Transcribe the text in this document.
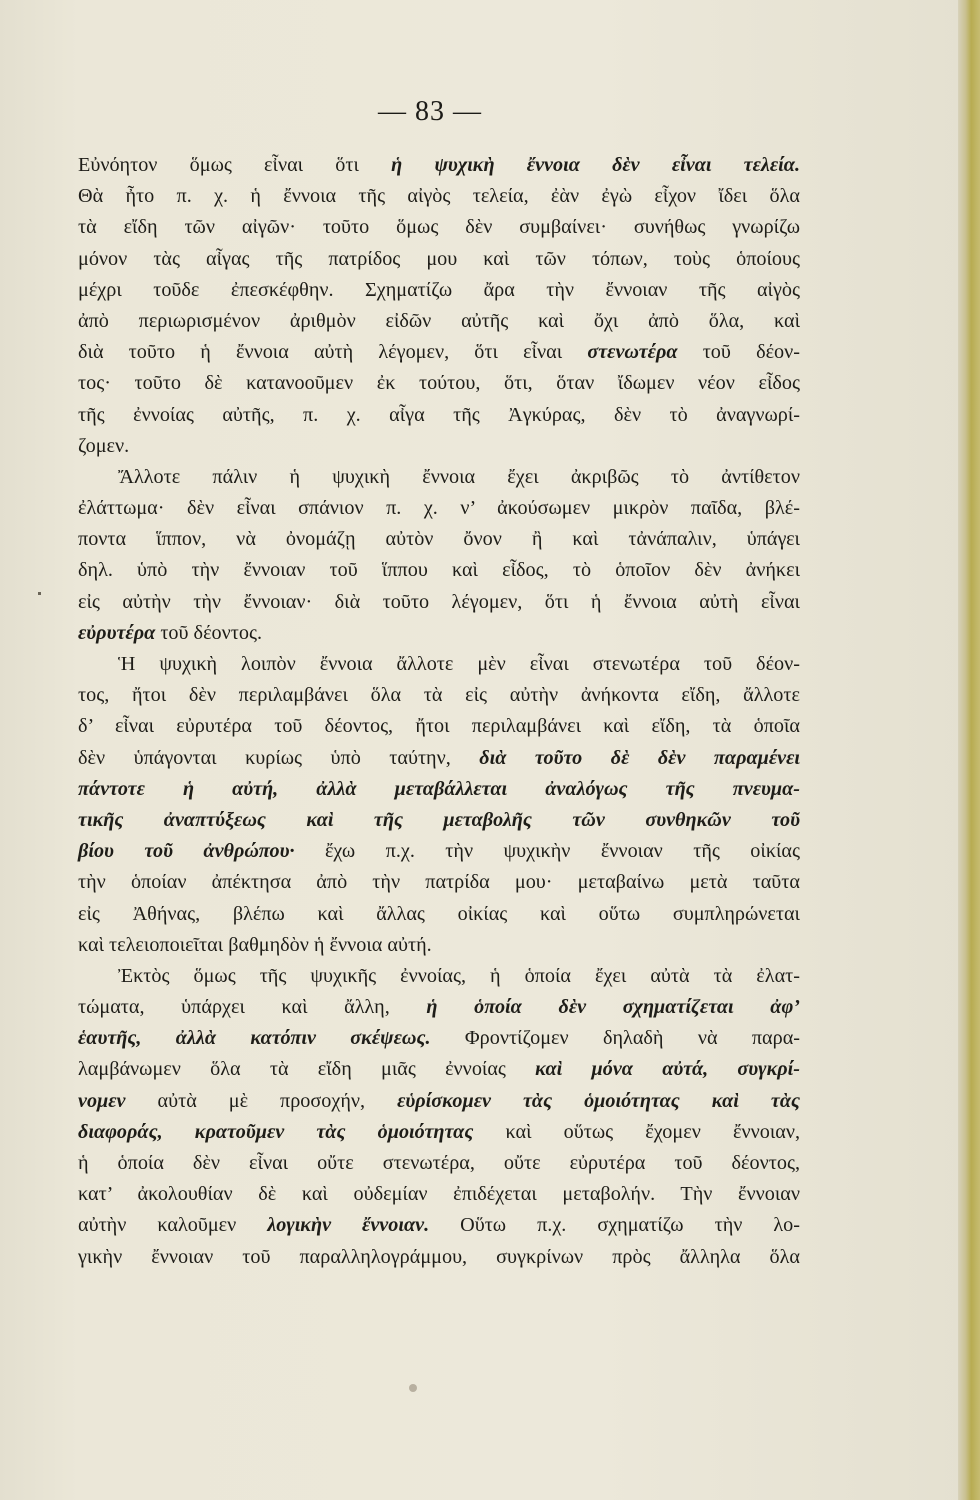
— 83 —
Εὐνόητον ὅμως εἶναι ὅτι ἡ ψυχικὴ ἔννοια δὲν εἶναι τελεία.
Θὰ ἦτο π. χ. ἡ ἔννοια τῆς αἰγὸς τελεία, ἐὰν ἐγὼ εἶχον ἴδει ὅλα
τὰ εἴδη τῶν αἰγῶν· τοῦτο ὅμως δὲν συμβαίνει· συνήθως γνωρίζω
μόνον τὰς αἶγας τῆς πατρίδος μου καὶ τῶν τόπων, τοὺς ὁποίους
μέχρι τοῦδε ἐπεσκέφθην. Σχηματίζω ἄρα τὴν ἔννοιαν τῆς αἰγὸς
ἀπὸ περιωρισμένον ἀριθμὸν εἰδῶν αὐτῆς καὶ ὄχι ἀπὸ ὅλα, καὶ
διὰ τοῦτο ἡ ἔννοια αὐτὴ λέγομεν, ὅτι εἶναι στενωτέρα τοῦ δέον-
τος· τοῦτο δὲ κατανοοῦμεν ἐκ τούτου, ὅτι, ὅταν ἴδωμεν νέον εἶδος
τῆς ἐννοίας αὐτῆς, π. χ. αἶγα τῆς Ἀγκύρας, δὲν τὸ ἀναγνωρί-
ζομεν.
Ἄλλοτε πάλιν ἡ ψυχικὴ ἔννοια ἔχει ἀκριβῶς τὸ ἀντίθετον
ἐλάττωμα· δὲν εἶναι σπάνιον π. χ. ν’ ἀκούσωμεν μικρὸν παῖδα, βλέ-
ποντα ἵππον, νὰ ὀνομάζῃ αὐτὸν ὄνον ἢ καὶ τἀνάπαλιν, ὑπάγει
δηλ. ὑπὸ τὴν ἔννοιαν τοῦ ἵππου καὶ εἶδος, τὸ ὁποῖον δὲν ἀνήκει
εἰς αὐτὴν τὴν ἔννοιαν· διὰ τοῦτο λέγομεν, ὅτι ἡ ἔννοια αὐτὴ εἶναι
εὐρυτέρα τοῦ δέοντος.
Ἡ ψυχικὴ λοιπὸν ἔννοια ἄλλοτε μὲν εἶναι στενωτέρα τοῦ δέον-
τος, ἤτοι δὲν περιλαμβάνει ὅλα τὰ εἰς αὐτὴν ἀνήκοντα εἴδη, ἄλλοτε
δ’ εἶναι εὐρυτέρα τοῦ δέοντος, ἤτοι περιλαμβάνει καὶ εἴδη, τὰ ὁποῖα
δὲν ὑπάγονται κυρίως ὑπὸ ταύτην, διὰ τοῦτο δὲ δὲν παραμένει
πάντοτε ἡ αὐτή, ἀλλὰ μεταβάλλεται ἀναλόγως τῆς πνευμα-
τικῆς ἀναπτύξεως καὶ τῆς μεταβολῆς τῶν συνθηκῶν τοῦ
βίου τοῦ ἀνθρώπου· ἔχω π.χ. τὴν ψυχικὴν ἔννοιαν τῆς οἰκίας
τὴν ὁποίαν ἀπέκτησα ἀπὸ τὴν πατρίδα μου· μεταβαίνω μετὰ ταῦτα
εἰς Ἀθήνας, βλέπω καὶ ἄλλας οἰκίας καὶ οὕτω συμπληρώνεται
καὶ τελειοποιεῖται βαθμηδὸν ἡ ἔννοια αὐτή.
Ἐκτὸς ὅμως τῆς ψυχικῆς ἐννοίας, ἡ ὁποία ἔχει αὐτὰ τὰ ἐλατ-
τώματα, ὑπάρχει καὶ ἄλλη, ἡ ὁποία δὲν σχηματίζεται ἀφ’
ἑαυτῆς, ἀλλὰ κατόπιν σκέψεως. Φροντίζομεν δηλαδὴ νὰ παρα-
λαμβάνωμεν ὅλα τὰ εἴδη μιᾶς ἐννοίας καὶ μόνα αὐτά, συγκρί-
νομεν αὐτὰ μὲ προσοχήν, εὑρίσκομεν τὰς ὁμοιότητας καὶ τὰς
διαφοράς, κρατοῦμεν τὰς ὁμοιότητας καὶ οὕτως ἔχομεν ἔννοιαν,
ἡ ὁποία δὲν εἶναι οὔτε στενωτέρα, οὔτε εὐρυτέρα τοῦ δέοντος,
κατ’ ἀκολουθίαν δὲ καὶ οὐδεμίαν ἐπιδέχεται μεταβολήν. Τὴν ἔννοιαν
αὐτὴν καλοῦμεν λογικὴν ἔννοιαν. Οὕτω π.χ. σχηματίζω τὴν λο-
γικὴν ἔννοιαν τοῦ παραλληλογράμμου, συγκρίνων πρὸς ἄλληλα ὅλα
